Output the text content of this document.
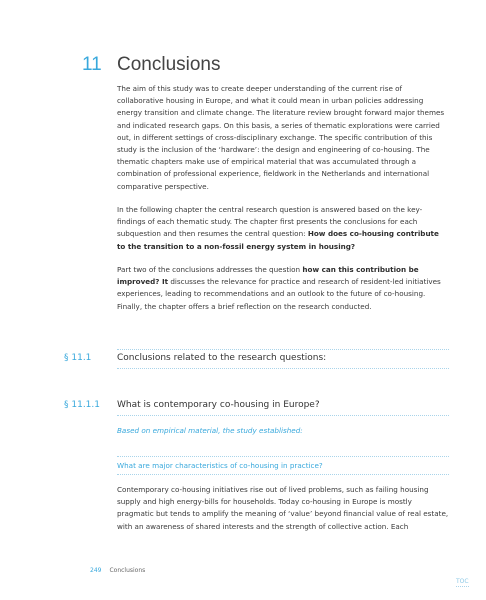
11 Conclusions

The aim of this study was to create deeper understanding of the current rise of collaborative housing in Europe, and what it could mean in urban policies addressing energy transition and climate change. The literature review brought forward major themes and indicated research gaps. On this basis, a series of thematic explorations were carried out, in different settings of cross-disciplinary exchange. The specific contribution of this study is the inclusion of the ‘hardware’: the design and engineering of co-housing. The thematic chapters make use of empirical material that was accumulated through a combination of professional experience, fieldwork in the Netherlands and international comparative perspective.

In the following chapter the central research question is answered based on the key-findings of each thematic study. The chapter first presents the conclusions for each subquestion and then resumes the central question: How does co-housing contribute to the transition to a non-fossil energy system in housing?

Part two of the conclusions addresses the question how can this contribution be improved? It discusses the relevance for practice and research of resident-led initiatives experiences, leading to recommendations and an outlook to the future of co-housing. Finally, the chapter offers a brief reflection on the research conducted.

§ 11.1	Conclusions related to the research questions:
§ 11.1.1 What is contemporary co-housing in Europe?
Based on empirical material, the study established:
What are major characteristics of co-housing in practice?

Contemporary co-housing initiatives rise out of lived problems, such as failing housing supply and high energy-bills for households. Today co-housing in Europe is mostly pragmatic but tends to amplify the meaning of ‘value’ beyond financial value of real estate, with an awareness of shared interests and the strength of collective action. Each

249 Conclusions
TOC
